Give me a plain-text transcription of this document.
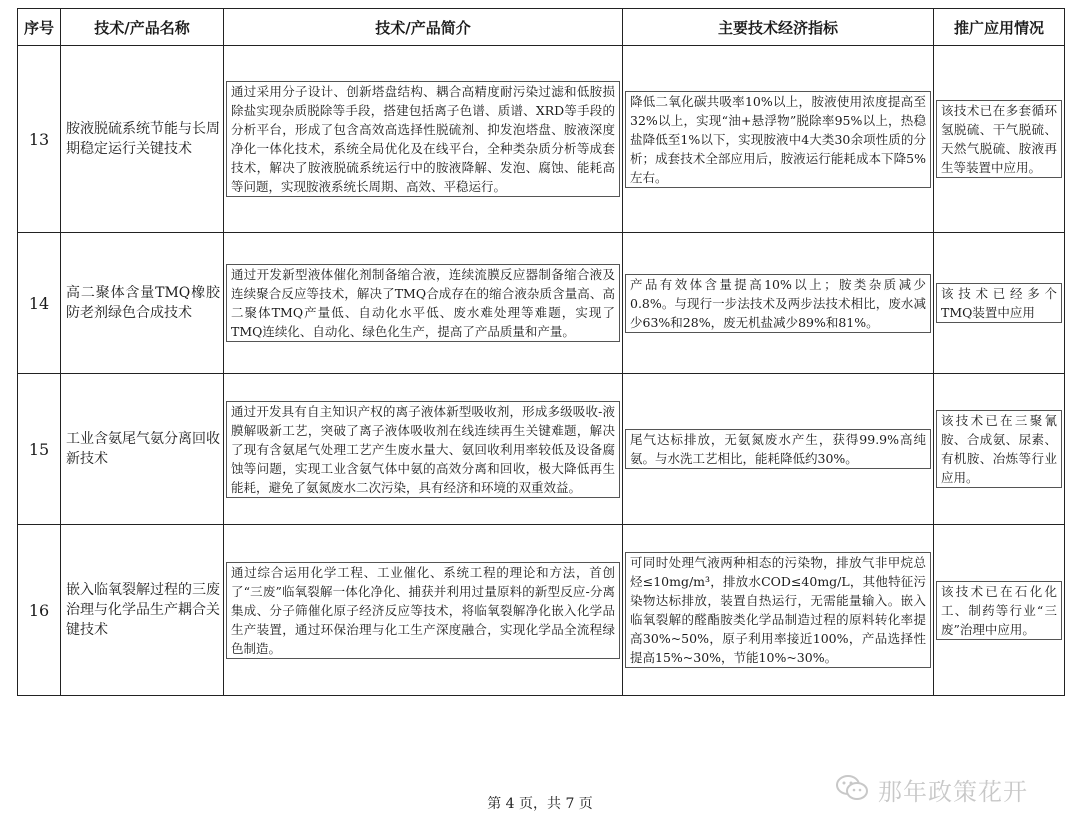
序号	技术/产品名称	技术/产品简介	主要技术经济指标	推广应用情况
13	胺液脱硫系统节能与长周期稳定运行关键技术	通过采用分子设计、创新塔盘结构、耦合高精度耐污染过滤和低胺损除盐实现杂质脱除等手段，搭建包括离子色谱、质谱、XRD等手段的分析平台，形成了包含高效高选择性脱硫剂、抑发泡塔盘、胺液深度净化一体化技术，系统全局优化及在线平台，全种类杂质分析等成套技术，解决了胺液脱硫系统运行中的胺液降解、发泡、腐蚀、能耗高等问题，实现胺液系统长周期、高效、平稳运行。	降低二氧化碳共吸率10%以上，胺液使用浓度提高至32%以上，实现“油+悬浮物”脱除率95%以上，热稳盐降低至1%以下，实现胺液中4大类30余项性质的分析；成套技术全部应用后，胺液运行能耗成本下降5%左右。	该技术已在多套循环氢脱硫、干气脱硫、天然气脱硫、胺液再生等装置中应用。

14	高二聚体含量TMQ橡胶防老剂绿色合成技术	通过开发新型液体催化剂制备缩合液，连续流膜反应器制备缩合液及连续聚合反应等技术，解决了TMQ合成存在的缩合液杂质含量高、高二聚体TMQ产量低、自动化水平低、废水难处理等难题，实现了TMQ连续化、自动化、绿色化生产，提高了产品质量和产量。	产品有效体含量提高10%以上；胺类杂质减少0.8%。与现行一步法技术及两步法技术相比，废水减少63%和28%，废无机盐减少89%和81%。	该技术已经多个TMQ装置中应用

15	工业含氨尾气氨分离回收新技术	通过开发具有自主知识产权的离子液体新型吸收剂，形成多级吸收-液膜解吸新工艺，突破了离子液体吸收剂在线连续再生关键难题，解决了现有含氨尾气处理工艺产生废水量大、氨回收利用率较低及设备腐蚀等问题，实现工业含氨气体中氨的高效分离和回收，极大降低再生能耗，避免了氨氮废水二次污染，具有经济和环境的双重效益。	尾气达标排放，无氨氮废水产生，获得99.9%高纯氨。与水洗工艺相比，能耗降低约30%。	该技术已在三聚氰胺、合成氨、尿素、有机胺、冶炼等行业应用。

16	嵌入临氧裂解过程的三废治理与化学品生产耦合关键技术	通过综合运用化学工程、工业催化、系统工程的理论和方法，首创了“三废”临氧裂解一体化净化、捕获并利用过量原料的新型反应-分离集成、分子筛催化原子经济反应等技术，将临氧裂解净化嵌入化学品生产装置，通过环保治理与化工生产深度融合，实现化学品全流程绿色制造。	可同时处理气液两种相态的污染物，排放气非甲烷总烃≤10mg/m³，排放水COD≤40mg/L，其他特征污染物达标排放，装置自热运行，无需能量输入。嵌入临氧裂解的醛酯胺类化学品制造过程的原料转化率提高30%~50%，原子利用率接近100%，产品选择性提高15%~30%，节能10%~30%。	该技术已在石化化工、制药等行业“三废”治理中应用。
那年政策花开
第 4 页，共 7 页
